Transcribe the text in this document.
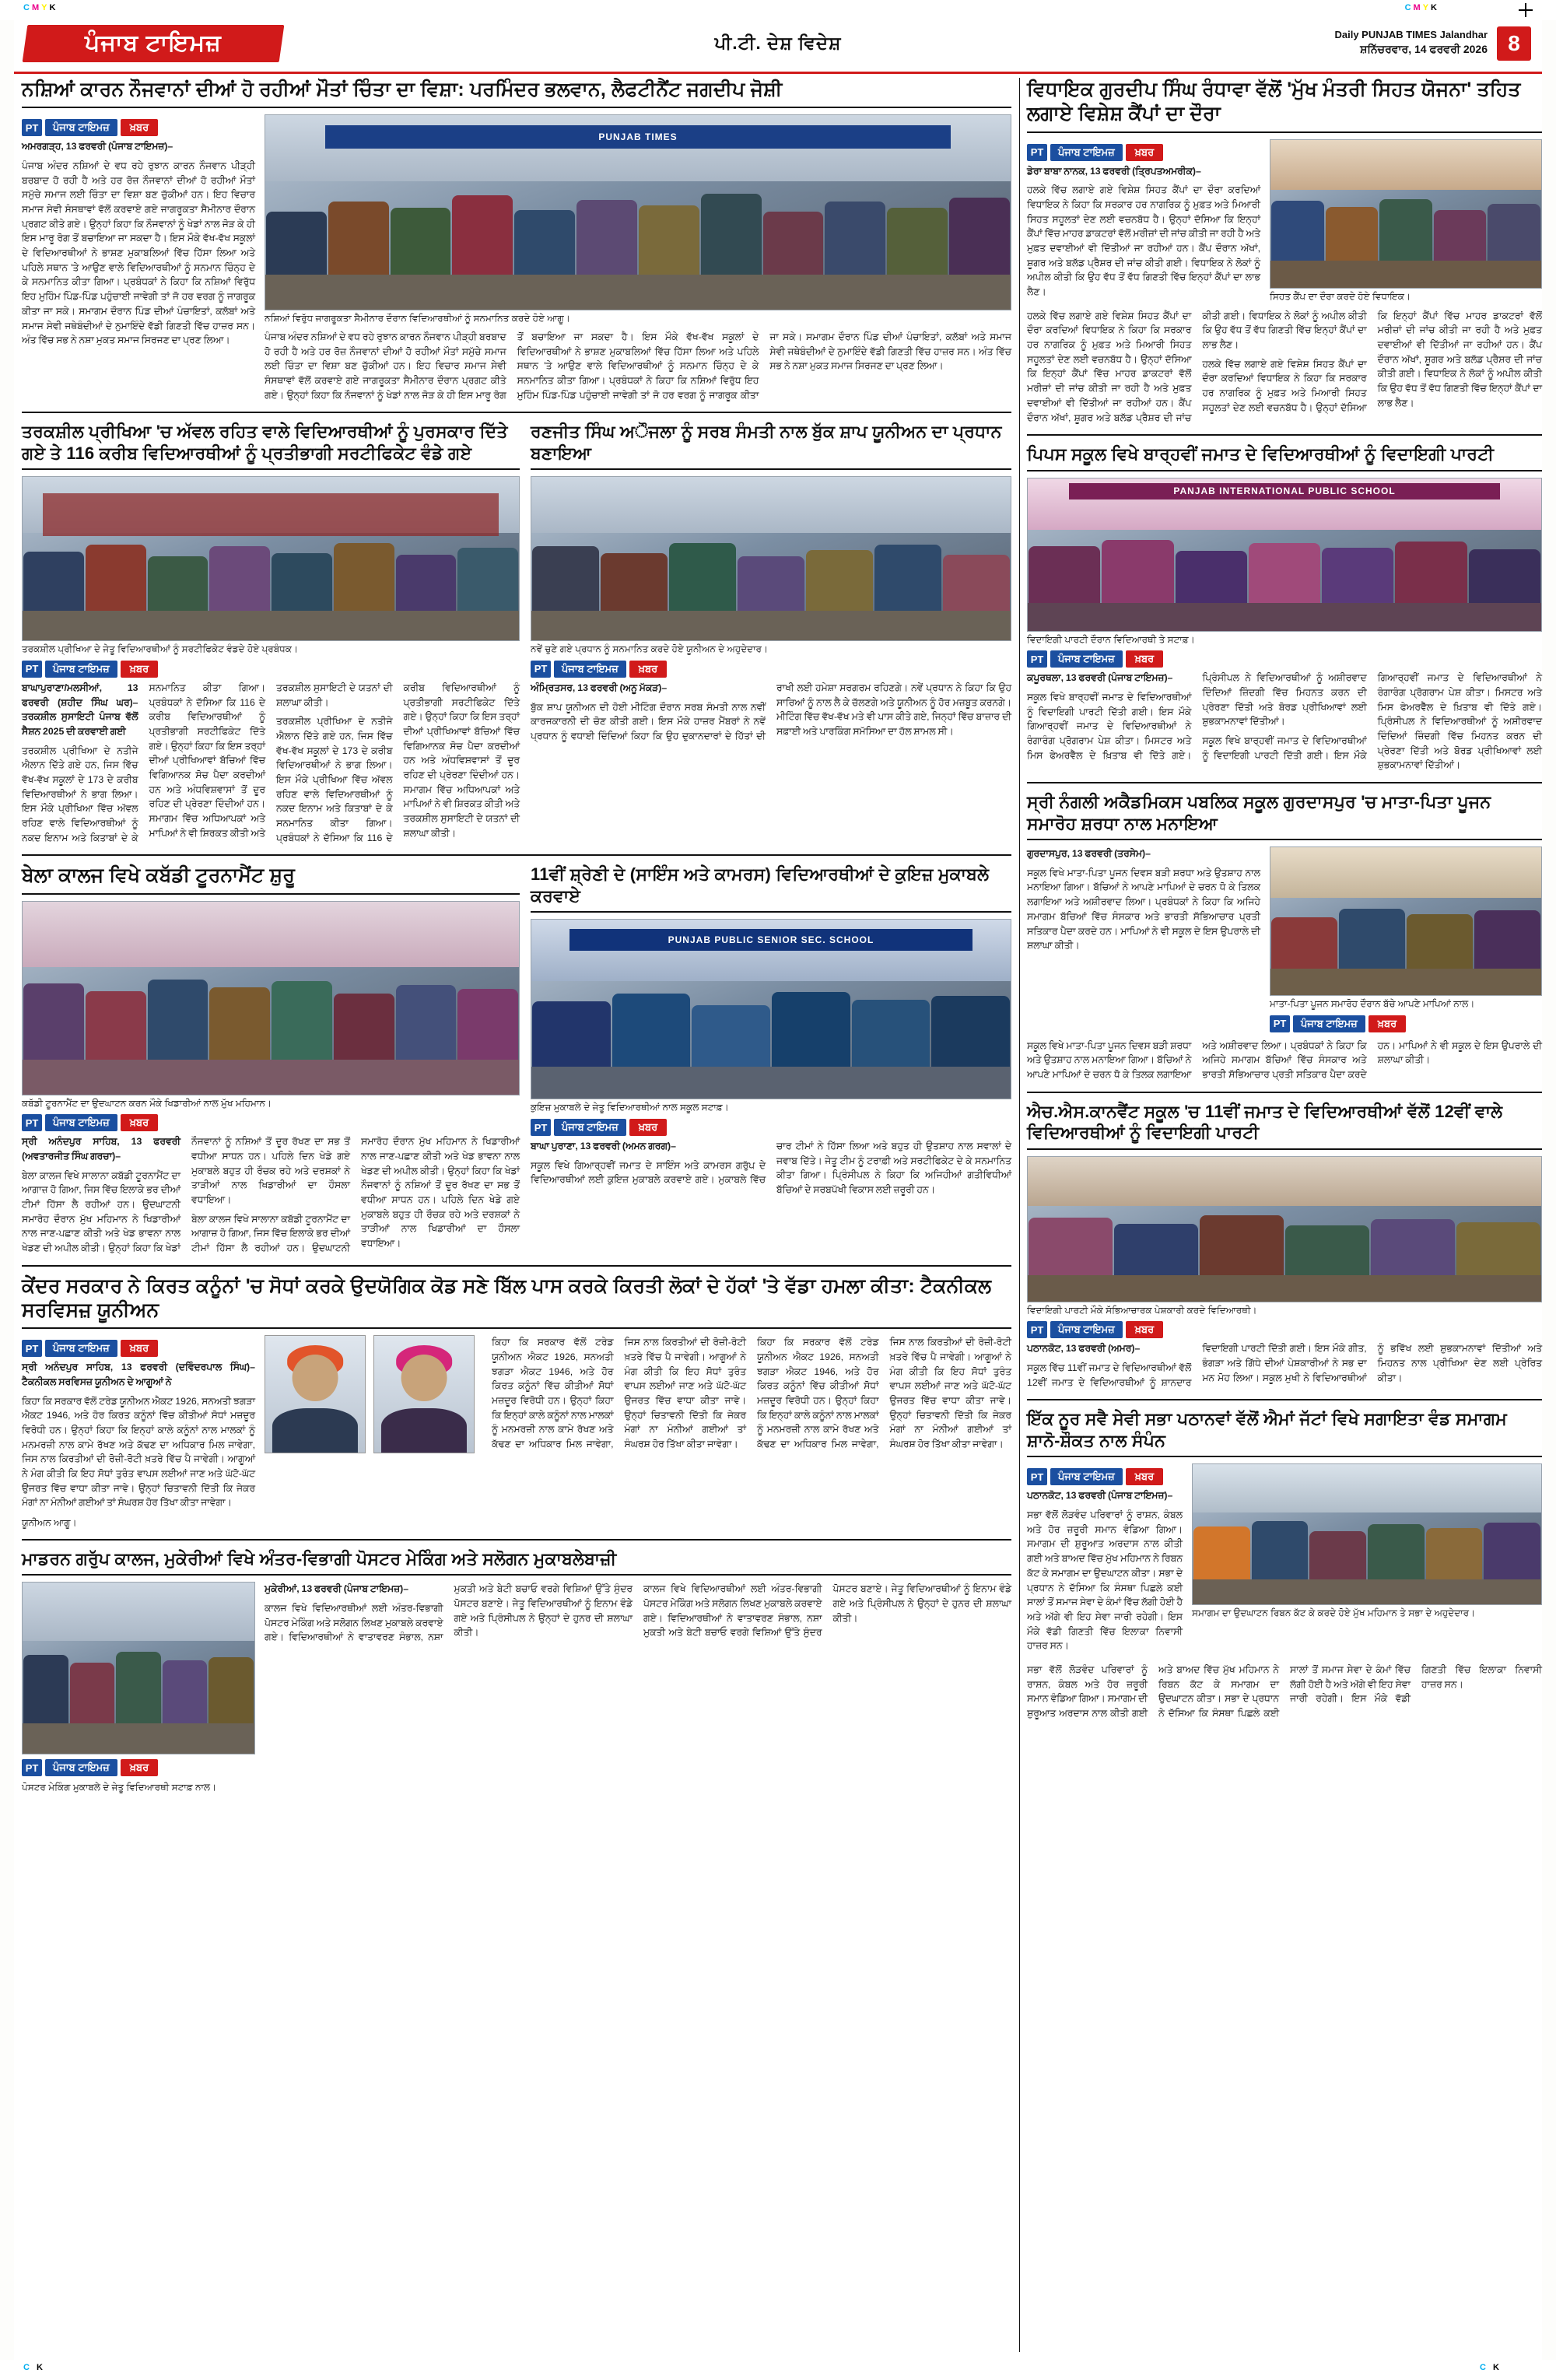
CMYK	CMYK
ਪੰਜਾਬ ਟਾਇਮਜ਼	ਪੀ.ਟੀ. ਦੇਸ਼ ਵਿਦੇਸ਼	Daily PUNJAB TIMES Jalandhar
ਸ਼ਨਿੱਚਰਵਾਰ, 14 ਫਰਵਰੀ 2026 8
ਨਸ਼ਿਆਂ ਕਾਰਨ ਨੌਜਵਾਨਾਂ ਦੀਆਂ ਹੋ ਰਹੀਆਂ ਮੌਤਾਂ ਚਿੰਤਾ ਦਾ ਵਿਸ਼ਾ: ਪਰਮਿੰਦਰ ਭਲਵਾਨ, ਲੈਫਟੀਨੈਂਟ ਜਗਦੀਪ ਜੋਸ਼ੀ
PT	ਪੰਜਾਬ ਟਾਇਮਜ਼	ਖ਼ਬਰ

ਅਮਰਗੜ੍ਹ, 13 ਫਰਵਰੀ (ਪੰਜਾਬ ਟਾਇਮਜ਼)–

ਪੰਜਾਬ ਅੰਦਰ ਨਸ਼ਿਆਂ ਦੇ ਵਧ ਰਹੇ ਰੁਝਾਨ ਕਾਰਨ ਨੌਜਵਾਨ ਪੀੜ੍ਹੀ ਬਰਬਾਦ ਹੋ ਰਹੀ ਹੈ ਅਤੇ ਹਰ ਰੋਜ਼ ਨੌਜਵਾਨਾਂ ਦੀਆਂ ਹੋ ਰਹੀਆਂ ਮੌਤਾਂ ਸਮੁੱਚੇ ਸਮਾਜ ਲਈ ਚਿੰਤਾ ਦਾ ਵਿਸ਼ਾ ਬਣ ਚੁੱਕੀਆਂ ਹਨ। ਇਹ ਵਿਚਾਰ ਸਮਾਜ ਸੇਵੀ ਸੰਸਥਾਵਾਂ ਵੱਲੋਂ ਕਰਵਾਏ ਗਏ ਜਾਗਰੂਕਤਾ ਸੈਮੀਨਾਰ ਦੌਰਾਨ ਪ੍ਰਗਟ ਕੀਤੇ ਗਏ। ਉਨ੍ਹਾਂ ਕਿਹਾ ਕਿ ਨੌਜਵਾਨਾਂ ਨੂੰ ਖੇਡਾਂ ਨਾਲ ਜੋੜ ਕੇ ਹੀ ਇਸ ਮਾਰੂ ਰੋਗ ਤੋਂ ਬਚਾਇਆ ਜਾ ਸਕਦਾ ਹੈ। ਇਸ ਮੌਕੇ ਵੱਖ-ਵੱਖ ਸਕੂਲਾਂ ਦੇ ਵਿਦਿਆਰਥੀਆਂ ਨੇ ਭਾਸ਼ਣ ਮੁਕਾਬਲਿਆਂ ਵਿੱਚ ਹਿੱਸਾ ਲਿਆ ਅਤੇ ਪਹਿਲੇ ਸਥਾਨ 'ਤੇ ਆਉਣ ਵਾਲੇ ਵਿਦਿਆਰਥੀਆਂ ਨੂੰ ਸਨਮਾਨ ਚਿੰਨ੍ਹ ਦੇ ਕੇ ਸਨਮਾਨਿਤ ਕੀਤਾ ਗਿਆ। ਪ੍ਰਬੰਧਕਾਂ ਨੇ ਕਿਹਾ ਕਿ ਨਸ਼ਿਆਂ ਵਿਰੁੱਧ ਇਹ ਮੁਹਿੰਮ ਪਿੰਡ-ਪਿੰਡ ਪਹੁੰਚਾਈ ਜਾਵੇਗੀ ਤਾਂ ਜੋ ਹਰ ਵਰਗ ਨੂੰ ਜਾਗਰੂਕ ਕੀਤਾ ਜਾ ਸਕੇ। ਸਮਾਗਮ ਦੌਰਾਨ ਪਿੰਡ ਦੀਆਂ ਪੰਚਾਇਤਾਂ, ਕਲੱਬਾਂ ਅਤੇ ਸਮਾਜ ਸੇਵੀ ਜਥੇਬੰਦੀਆਂ ਦੇ ਨੁਮਾਇੰਦੇ ਵੱਡੀ ਗਿਣਤੀ ਵਿੱਚ ਹਾਜ਼ਰ ਸਨ। ਅੰਤ ਵਿੱਚ ਸਭ ਨੇ ਨਸ਼ਾ ਮੁਕਤ ਸਮਾਜ ਸਿਰਜਣ ਦਾ ਪ੍ਰਣ ਲਿਆ।

PUNJAB TIMES
ਨਸ਼ਿਆਂ ਵਿਰੁੱਧ ਜਾਗਰੂਕਤਾ ਸੈਮੀਨਾਰ ਦੌਰਾਨ ਵਿਦਿਆਰਥੀਆਂ ਨੂੰ ਸਨਮਾਨਿਤ ਕਰਦੇ ਹੋਏ ਆਗੂ।

ਪੰਜਾਬ ਅੰਦਰ ਨਸ਼ਿਆਂ ਦੇ ਵਧ ਰਹੇ ਰੁਝਾਨ ਕਾਰਨ ਨੌਜਵਾਨ ਪੀੜ੍ਹੀ ਬਰਬਾਦ ਹੋ ਰਹੀ ਹੈ ਅਤੇ ਹਰ ਰੋਜ਼ ਨੌਜਵਾਨਾਂ ਦੀਆਂ ਹੋ ਰਹੀਆਂ ਮੌਤਾਂ ਸਮੁੱਚੇ ਸਮਾਜ ਲਈ ਚਿੰਤਾ ਦਾ ਵਿਸ਼ਾ ਬਣ ਚੁੱਕੀਆਂ ਹਨ। ਇਹ ਵਿਚਾਰ ਸਮਾਜ ਸੇਵੀ ਸੰਸਥਾਵਾਂ ਵੱਲੋਂ ਕਰਵਾਏ ਗਏ ਜਾਗਰੂਕਤਾ ਸੈਮੀਨਾਰ ਦੌਰਾਨ ਪ੍ਰਗਟ ਕੀਤੇ ਗਏ। ਉਨ੍ਹਾਂ ਕਿਹਾ ਕਿ ਨੌਜਵਾਨਾਂ ਨੂੰ ਖੇਡਾਂ ਨਾਲ ਜੋੜ ਕੇ ਹੀ ਇਸ ਮਾਰੂ ਰੋਗ ਤੋਂ ਬਚਾਇਆ ਜਾ ਸਕਦਾ ਹੈ। ਇਸ ਮੌਕੇ ਵੱਖ-ਵੱਖ ਸਕੂਲਾਂ ਦੇ ਵਿਦਿਆਰਥੀਆਂ ਨੇ ਭਾਸ਼ਣ ਮੁਕਾਬਲਿਆਂ ਵਿੱਚ ਹਿੱਸਾ ਲਿਆ ਅਤੇ ਪਹਿਲੇ ਸਥਾਨ 'ਤੇ ਆਉਣ ਵਾਲੇ ਵਿਦਿਆਰਥੀਆਂ ਨੂੰ ਸਨਮਾਨ ਚਿੰਨ੍ਹ ਦੇ ਕੇ ਸਨਮਾਨਿਤ ਕੀਤਾ ਗਿਆ। ਪ੍ਰਬੰਧਕਾਂ ਨੇ ਕਿਹਾ ਕਿ ਨਸ਼ਿਆਂ ਵਿਰੁੱਧ ਇਹ ਮੁਹਿੰਮ ਪਿੰਡ-ਪਿੰਡ ਪਹੁੰਚਾਈ ਜਾਵੇਗੀ ਤਾਂ ਜੋ ਹਰ ਵਰਗ ਨੂੰ ਜਾਗਰੂਕ ਕੀਤਾ ਜਾ ਸਕੇ। ਸਮਾਗਮ ਦੌਰਾਨ ਪਿੰਡ ਦੀਆਂ ਪੰਚਾਇਤਾਂ, ਕਲੱਬਾਂ ਅਤੇ ਸਮਾਜ ਸੇਵੀ ਜਥੇਬੰਦੀਆਂ ਦੇ ਨੁਮਾਇੰਦੇ ਵੱਡੀ ਗਿਣਤੀ ਵਿੱਚ ਹਾਜ਼ਰ ਸਨ। ਅੰਤ ਵਿੱਚ ਸਭ ਨੇ ਨਸ਼ਾ ਮੁਕਤ ਸਮਾਜ ਸਿਰਜਣ ਦਾ ਪ੍ਰਣ ਲਿਆ।

ਤਰਕਸ਼ੀਲ ਪ੍ਰੀਖਿਆ 'ਚ ਅੱਵਲ ਰਹਿਤ ਵਾਲੇ ਵਿਦਿਆਰਥੀਆਂ ਨੂੰ ਪੁਰਸਕਾਰ ਦਿੱਤੇ ਗਏ ਤੇ 116 ਕਰੀਬ ਵਿਦਿਆਰਥੀਆਂ ਨੂੰ ਪ੍ਰਤੀਭਾਗੀ ਸਰਟੀਫਿਕੇਟ ਵੰਡੇ ਗਏ
ਤਰਕਸ਼ੀਲ ਪ੍ਰੀਖਿਆ ਦੇ ਜੇਤੂ ਵਿਦਿਆਰਥੀਆਂ ਨੂੰ ਸਰਟੀਫਿਕੇਟ ਵੰਡਦੇ ਹੋਏ ਪ੍ਰਬੰਧਕ।
PT	ਪੰਜਾਬ ਟਾਇਮਜ਼	ਖ਼ਬਰ

ਬਾਘਾਪੁਰਾਣਾ/ਮਲਸੀਆਂ, 13 ਫਰਵਰੀ (ਸ਼ਹੀਦ ਸਿੰਘ ਘਰ)– ਤਰਕਸ਼ੀਲ ਸੁਸਾਇਟੀ ਪੰਜਾਬ ਵੱਲੋਂ ਸੈਸ਼ਨ 2025 ਦੀ ਕਰਵਾਈ ਗਈ

ਤਰਕਸ਼ੀਲ ਪ੍ਰੀਖਿਆ ਦੇ ਨਤੀਜੇ ਐਲਾਨ ਦਿੱਤੇ ਗਏ ਹਨ, ਜਿਸ ਵਿੱਚ ਵੱਖ-ਵੱਖ ਸਕੂਲਾਂ ਦੇ 173 ਦੇ ਕਰੀਬ ਵਿਦਿਆਰਥੀਆਂ ਨੇ ਭਾਗ ਲਿਆ। ਇਸ ਮੌਕੇ ਪ੍ਰੀਖਿਆ ਵਿੱਚ ਅੱਵਲ ਰਹਿਣ ਵਾਲੇ ਵਿਦਿਆਰਥੀਆਂ ਨੂੰ ਨਕਦ ਇਨਾਮ ਅਤੇ ਕਿਤਾਬਾਂ ਦੇ ਕੇ ਸਨਮਾਨਿਤ ਕੀਤਾ ਗਿਆ। ਪ੍ਰਬੰਧਕਾਂ ਨੇ ਦੱਸਿਆ ਕਿ 116 ਦੇ ਕਰੀਬ ਵਿਦਿਆਰਥੀਆਂ ਨੂੰ ਪ੍ਰਤੀਭਾਗੀ ਸਰਟੀਫਿਕੇਟ ਦਿੱਤੇ ਗਏ। ਉਨ੍ਹਾਂ ਕਿਹਾ ਕਿ ਇਸ ਤਰ੍ਹਾਂ ਦੀਆਂ ਪ੍ਰੀਖਿਆਵਾਂ ਬੱਚਿਆਂ ਵਿੱਚ ਵਿਗਿਆਨਕ ਸੋਚ ਪੈਦਾ ਕਰਦੀਆਂ ਹਨ ਅਤੇ ਅੰਧਵਿਸ਼ਵਾਸਾਂ ਤੋਂ ਦੂਰ ਰਹਿਣ ਦੀ ਪ੍ਰੇਰਣਾ ਦਿੰਦੀਆਂ ਹਨ। ਸਮਾਗਮ ਵਿੱਚ ਅਧਿਆਪਕਾਂ ਅਤੇ ਮਾਪਿਆਂ ਨੇ ਵੀ ਸ਼ਿਰਕਤ ਕੀਤੀ ਅਤੇ ਤਰਕਸ਼ੀਲ ਸੁਸਾਇਟੀ ਦੇ ਯਤਨਾਂ ਦੀ ਸ਼ਲਾਘਾ ਕੀਤੀ।

ਤਰਕਸ਼ੀਲ ਪ੍ਰੀਖਿਆ ਦੇ ਨਤੀਜੇ ਐਲਾਨ ਦਿੱਤੇ ਗਏ ਹਨ, ਜਿਸ ਵਿੱਚ ਵੱਖ-ਵੱਖ ਸਕੂਲਾਂ ਦੇ 173 ਦੇ ਕਰੀਬ ਵਿਦਿਆਰਥੀਆਂ ਨੇ ਭਾਗ ਲਿਆ। ਇਸ ਮੌਕੇ ਪ੍ਰੀਖਿਆ ਵਿੱਚ ਅੱਵਲ ਰਹਿਣ ਵਾਲੇ ਵਿਦਿਆਰਥੀਆਂ ਨੂੰ ਨਕਦ ਇਨਾਮ ਅਤੇ ਕਿਤਾਬਾਂ ਦੇ ਕੇ ਸਨਮਾਨਿਤ ਕੀਤਾ ਗਿਆ। ਪ੍ਰਬੰਧਕਾਂ ਨੇ ਦੱਸਿਆ ਕਿ 116 ਦੇ ਕਰੀਬ ਵਿਦਿਆਰਥੀਆਂ ਨੂੰ ਪ੍ਰਤੀਭਾਗੀ ਸਰਟੀਫਿਕੇਟ ਦਿੱਤੇ ਗਏ। ਉਨ੍ਹਾਂ ਕਿਹਾ ਕਿ ਇਸ ਤਰ੍ਹਾਂ ਦੀਆਂ ਪ੍ਰੀਖਿਆਵਾਂ ਬੱਚਿਆਂ ਵਿੱਚ ਵਿਗਿਆਨਕ ਸੋਚ ਪੈਦਾ ਕਰਦੀਆਂ ਹਨ ਅਤੇ ਅੰਧਵਿਸ਼ਵਾਸਾਂ ਤੋਂ ਦੂਰ ਰਹਿਣ ਦੀ ਪ੍ਰੇਰਣਾ ਦਿੰਦੀਆਂ ਹਨ। ਸਮਾਗਮ ਵਿੱਚ ਅਧਿਆਪਕਾਂ ਅਤੇ ਮਾਪਿਆਂ ਨੇ ਵੀ ਸ਼ਿਰਕਤ ਕੀਤੀ ਅਤੇ ਤਰਕਸ਼ੀਲ ਸੁਸਾਇਟੀ ਦੇ ਯਤਨਾਂ ਦੀ ਸ਼ਲਾਘਾ ਕੀਤੀ।

ਰਣਜੀਤ ਸਿੰਘ ਅੌਜਲਾ ਨੂੰ ਸਰਬ ਸੰਮਤੀ ਨਾਲ ਬੁੱਕ ਸ਼ਾਪ ਯੂਨੀਅਨ ਦਾ ਪ੍ਰਧਾਨ ਬਣਾਇਆ
ਨਵੇਂ ਚੁਣੇ ਗਏ ਪ੍ਰਧਾਨ ਨੂੰ ਸਨਮਾਨਿਤ ਕਰਦੇ ਹੋਏ ਯੂਨੀਅਨ ਦੇ ਅਹੁਦੇਦਾਰ।
PT	ਪੰਜਾਬ ਟਾਇਮਜ਼	ਖ਼ਬਰ

ਅੰਮ੍ਰਿਤਸਰ, 13 ਫਰਵਰੀ (ਅਨੂ ਮੱਕੜ)–

ਬੁੱਕ ਸ਼ਾਪ ਯੂਨੀਅਨ ਦੀ ਹੋਈ ਮੀਟਿੰਗ ਦੌਰਾਨ ਸਰਬ ਸੰਮਤੀ ਨਾਲ ਨਵੀਂ ਕਾਰਜਕਾਰਨੀ ਦੀ ਚੋਣ ਕੀਤੀ ਗਈ। ਇਸ ਮੌਕੇ ਹਾਜ਼ਰ ਮੈਂਬਰਾਂ ਨੇ ਨਵੇਂ ਪ੍ਰਧਾਨ ਨੂੰ ਵਧਾਈ ਦਿੰਦਿਆਂ ਕਿਹਾ ਕਿ ਉਹ ਦੁਕਾਨਦਾਰਾਂ ਦੇ ਹਿੱਤਾਂ ਦੀ ਰਾਖੀ ਲਈ ਹਮੇਸ਼ਾ ਸਰਗਰਮ ਰਹਿਣਗੇ। ਨਵੇਂ ਪ੍ਰਧਾਨ ਨੇ ਕਿਹਾ ਕਿ ਉਹ ਸਾਰਿਆਂ ਨੂੰ ਨਾਲ ਲੈ ਕੇ ਚੱਲਣਗੇ ਅਤੇ ਯੂਨੀਅਨ ਨੂੰ ਹੋਰ ਮਜ਼ਬੂਤ ਕਰਨਗੇ। ਮੀਟਿੰਗ ਵਿੱਚ ਵੱਖ-ਵੱਖ ਮਤੇ ਵੀ ਪਾਸ ਕੀਤੇ ਗਏ, ਜਿਨ੍ਹਾਂ ਵਿੱਚ ਬਾਜ਼ਾਰ ਦੀ ਸਫ਼ਾਈ ਅਤੇ ਪਾਰਕਿੰਗ ਸਮੱਸਿਆ ਦਾ ਹੱਲ ਸ਼ਾਮਲ ਸੀ।

ਬੇਲਾ ਕਾਲਜ ਵਿਖੇ ਕਬੱਡੀ ਟੂਰਨਾਮੈਂਟ ਸ਼ੁਰੂ
ਕਬੱਡੀ ਟੂਰਨਾਮੈਂਟ ਦਾ ਉਦਘਾਟਨ ਕਰਨ ਮੌਕੇ ਖਿਡਾਰੀਆਂ ਨਾਲ ਮੁੱਖ ਮਹਿਮਾਨ।
PT	ਪੰਜਾਬ ਟਾਇਮਜ਼	ਖ਼ਬਰ

ਸ੍ਰੀ ਅਨੰਦਪੁਰ ਸਾਹਿਬ, 13 ਫਰਵਰੀ (ਅਵਤਾਰਜੀਤ ਸਿੰਘ ਗਰਚਾ)–

ਬੇਲਾ ਕਾਲਜ ਵਿਖੇ ਸਾਲਾਨਾ ਕਬੱਡੀ ਟੂਰਨਾਮੈਂਟ ਦਾ ਆਗਾਜ਼ ਹੋ ਗਿਆ, ਜਿਸ ਵਿੱਚ ਇਲਾਕੇ ਭਰ ਦੀਆਂ ਟੀਮਾਂ ਹਿੱਸਾ ਲੈ ਰਹੀਆਂ ਹਨ। ਉਦਘਾਟਨੀ ਸਮਾਰੋਹ ਦੌਰਾਨ ਮੁੱਖ ਮਹਿਮਾਨ ਨੇ ਖਿਡਾਰੀਆਂ ਨਾਲ ਜਾਣ-ਪਛਾਣ ਕੀਤੀ ਅਤੇ ਖੇਡ ਭਾਵਨਾ ਨਾਲ ਖੇਡਣ ਦੀ ਅਪੀਲ ਕੀਤੀ। ਉਨ੍ਹਾਂ ਕਿਹਾ ਕਿ ਖੇਡਾਂ ਨੌਜਵਾਨਾਂ ਨੂੰ ਨਸ਼ਿਆਂ ਤੋਂ ਦੂਰ ਰੱਖਣ ਦਾ ਸਭ ਤੋਂ ਵਧੀਆ ਸਾਧਨ ਹਨ। ਪਹਿਲੇ ਦਿਨ ਖੇਡੇ ਗਏ ਮੁਕਾਬਲੇ ਬਹੁਤ ਹੀ ਰੌਚਕ ਰਹੇ ਅਤੇ ਦਰਸ਼ਕਾਂ ਨੇ ਤਾੜੀਆਂ ਨਾਲ ਖਿਡਾਰੀਆਂ ਦਾ ਹੌਸਲਾ ਵਧਾਇਆ।

ਬੇਲਾ ਕਾਲਜ ਵਿਖੇ ਸਾਲਾਨਾ ਕਬੱਡੀ ਟੂਰਨਾਮੈਂਟ ਦਾ ਆਗਾਜ਼ ਹੋ ਗਿਆ, ਜਿਸ ਵਿੱਚ ਇਲਾਕੇ ਭਰ ਦੀਆਂ ਟੀਮਾਂ ਹਿੱਸਾ ਲੈ ਰਹੀਆਂ ਹਨ। ਉਦਘਾਟਨੀ ਸਮਾਰੋਹ ਦੌਰਾਨ ਮੁੱਖ ਮਹਿਮਾਨ ਨੇ ਖਿਡਾਰੀਆਂ ਨਾਲ ਜਾਣ-ਪਛਾਣ ਕੀਤੀ ਅਤੇ ਖੇਡ ਭਾਵਨਾ ਨਾਲ ਖੇਡਣ ਦੀ ਅਪੀਲ ਕੀਤੀ। ਉਨ੍ਹਾਂ ਕਿਹਾ ਕਿ ਖੇਡਾਂ ਨੌਜਵਾਨਾਂ ਨੂੰ ਨਸ਼ਿਆਂ ਤੋਂ ਦੂਰ ਰੱਖਣ ਦਾ ਸਭ ਤੋਂ ਵਧੀਆ ਸਾਧਨ ਹਨ। ਪਹਿਲੇ ਦਿਨ ਖੇਡੇ ਗਏ ਮੁਕਾਬਲੇ ਬਹੁਤ ਹੀ ਰੌਚਕ ਰਹੇ ਅਤੇ ਦਰਸ਼ਕਾਂ ਨੇ ਤਾੜੀਆਂ ਨਾਲ ਖਿਡਾਰੀਆਂ ਦਾ ਹੌਸਲਾ ਵਧਾਇਆ।

11ਵੀਂ ਸ਼੍ਰੇਣੀ ਦੇ (ਸਾਇੰਸ ਅਤੇ ਕਾਮਰਸ) ਵਿਦਿਆਰਥੀਆਂ ਦੇ ਕੁਇਜ਼ ਮੁਕਾਬਲੇ ਕਰਵਾਏ
PUNJAB PUBLIC SENIOR SEC. SCHOOL
ਕੁਇਜ਼ ਮੁਕਾਬਲੇ ਦੇ ਜੇਤੂ ਵਿਦਿਆਰਥੀਆਂ ਨਾਲ ਸਕੂਲ ਸਟਾਫ਼।
PT	ਪੰਜਾਬ ਟਾਇਮਜ਼	ਖ਼ਬਰ

ਬਾਘਾ ਪੁਰਾਣਾ, 13 ਫਰਵਰੀ (ਅਮਨ ਗਰਗ)–

ਸਕੂਲ ਵਿਖੇ ਗਿਆਰ੍ਹਵੀਂ ਜਮਾਤ ਦੇ ਸਾਇੰਸ ਅਤੇ ਕਾਮਰਸ ਗਰੁੱਪ ਦੇ ਵਿਦਿਆਰਥੀਆਂ ਲਈ ਕੁਇਜ਼ ਮੁਕਾਬਲੇ ਕਰਵਾਏ ਗਏ। ਮੁਕਾਬਲੇ ਵਿੱਚ ਚਾਰ ਟੀਮਾਂ ਨੇ ਹਿੱਸਾ ਲਿਆ ਅਤੇ ਬਹੁਤ ਹੀ ਉਤਸ਼ਾਹ ਨਾਲ ਸਵਾਲਾਂ ਦੇ ਜਵਾਬ ਦਿੱਤੇ। ਜੇਤੂ ਟੀਮ ਨੂੰ ਟਰਾਫ਼ੀ ਅਤੇ ਸਰਟੀਫਿਕੇਟ ਦੇ ਕੇ ਸਨਮਾਨਿਤ ਕੀਤਾ ਗਿਆ। ਪ੍ਰਿੰਸੀਪਲ ਨੇ ਕਿਹਾ ਕਿ ਅਜਿਹੀਆਂ ਗਤੀਵਿਧੀਆਂ ਬੱਚਿਆਂ ਦੇ ਸਰਬਪੱਖੀ ਵਿਕਾਸ ਲਈ ਜ਼ਰੂਰੀ ਹਨ।

ਕੇਂਦਰ ਸਰਕਾਰ ਨੇ ਕਿਰਤ ਕਨੂੰਨਾਂ 'ਚ ਸੋਧਾਂ ਕਰਕੇ ਉਦਯੋਗਿਕ ਕੋਡ ਸਣੇ ਬਿੱਲ ਪਾਸ ਕਰਕੇ ਕਿਰਤੀ ਲੋਕਾਂ ਦੇ ਹੱਕਾਂ 'ਤੇ ਵੱਡਾ ਹਮਲਾ ਕੀਤਾ: ਟੈਕਨੀਕਲ ਸਰਵਿਸਜ਼ ਯੂਨੀਅਨ
PT	ਪੰਜਾਬ ਟਾਇਮਜ਼	ਖ਼ਬਰ

ਸ੍ਰੀ ਅਨੰਦਪੁਰ ਸਾਹਿਬ, 13 ਫਰਵਰੀ (ਦਵਿੰਦਰਪਾਲ ਸਿੰਘ)– ਟੈਕਨੀਕਲ ਸਰਵਿਸਜ਼ ਯੂਨੀਅਨ ਦੇ ਆਗੂਆਂ ਨੇ

ਕਿਹਾ ਕਿ ਸਰਕਾਰ ਵੱਲੋਂ ਟਰੇਡ ਯੂਨੀਅਨ ਐਕਟ 1926, ਸਨਅਤੀ ਝਗੜਾ ਐਕਟ 1946, ਅਤੇ ਹੋਰ ਕਿਰਤ ਕਨੂੰਨਾਂ ਵਿੱਚ ਕੀਤੀਆਂ ਸੋਧਾਂ ਮਜ਼ਦੂਰ ਵਿਰੋਧੀ ਹਨ। ਉਨ੍ਹਾਂ ਕਿਹਾ ਕਿ ਇਨ੍ਹਾਂ ਕਾਲੇ ਕਨੂੰਨਾਂ ਨਾਲ ਮਾਲਕਾਂ ਨੂੰ ਮਨਮਰਜ਼ੀ ਨਾਲ ਕਾਮੇ ਰੱਖਣ ਅਤੇ ਕੱਢਣ ਦਾ ਅਧਿਕਾਰ ਮਿਲ ਜਾਵੇਗਾ, ਜਿਸ ਨਾਲ ਕਿਰਤੀਆਂ ਦੀ ਰੋਜ਼ੀ-ਰੋਟੀ ਖ਼ਤਰੇ ਵਿੱਚ ਪੈ ਜਾਵੇਗੀ। ਆਗੂਆਂ ਨੇ ਮੰਗ ਕੀਤੀ ਕਿ ਇਹ ਸੋਧਾਂ ਤੁਰੰਤ ਵਾਪਸ ਲਈਆਂ ਜਾਣ ਅਤੇ ਘੱਟੋ-ਘੱਟ ਉਜਰਤ ਵਿੱਚ ਵਾਧਾ ਕੀਤਾ ਜਾਵੇ। ਉਨ੍ਹਾਂ ਚਿਤਾਵਨੀ ਦਿੱਤੀ ਕਿ ਜੇਕਰ ਮੰਗਾਂ ਨਾ ਮੰਨੀਆਂ ਗਈਆਂ ਤਾਂ ਸੰਘਰਸ਼ ਹੋਰ ਤਿੱਖਾ ਕੀਤਾ ਜਾਵੇਗਾ।

ਕਿਹਾ ਕਿ ਸਰਕਾਰ ਵੱਲੋਂ ਟਰੇਡ ਯੂਨੀਅਨ ਐਕਟ 1926, ਸਨਅਤੀ ਝਗੜਾ ਐਕਟ 1946, ਅਤੇ ਹੋਰ ਕਿਰਤ ਕਨੂੰਨਾਂ ਵਿੱਚ ਕੀਤੀਆਂ ਸੋਧਾਂ ਮਜ਼ਦੂਰ ਵਿਰੋਧੀ ਹਨ। ਉਨ੍ਹਾਂ ਕਿਹਾ ਕਿ ਇਨ੍ਹਾਂ ਕਾਲੇ ਕਨੂੰਨਾਂ ਨਾਲ ਮਾਲਕਾਂ ਨੂੰ ਮਨਮਰਜ਼ੀ ਨਾਲ ਕਾਮੇ ਰੱਖਣ ਅਤੇ ਕੱਢਣ ਦਾ ਅਧਿਕਾਰ ਮਿਲ ਜਾਵੇਗਾ, ਜਿਸ ਨਾਲ ਕਿਰਤੀਆਂ ਦੀ ਰੋਜ਼ੀ-ਰੋਟੀ ਖ਼ਤਰੇ ਵਿੱਚ ਪੈ ਜਾਵੇਗੀ। ਆਗੂਆਂ ਨੇ ਮੰਗ ਕੀਤੀ ਕਿ ਇਹ ਸੋਧਾਂ ਤੁਰੰਤ ਵਾਪਸ ਲਈਆਂ ਜਾਣ ਅਤੇ ਘੱਟੋ-ਘੱਟ ਉਜਰਤ ਵਿੱਚ ਵਾਧਾ ਕੀਤਾ ਜਾਵੇ। ਉਨ੍ਹਾਂ ਚਿਤਾਵਨੀ ਦਿੱਤੀ ਕਿ ਜੇਕਰ ਮੰਗਾਂ ਨਾ ਮੰਨੀਆਂ ਗਈਆਂ ਤਾਂ ਸੰਘਰਸ਼ ਹੋਰ ਤਿੱਖਾ ਕੀਤਾ ਜਾਵੇਗਾ।

ਕਿਹਾ ਕਿ ਸਰਕਾਰ ਵੱਲੋਂ ਟਰੇਡ ਯੂਨੀਅਨ ਐਕਟ 1926, ਸਨਅਤੀ ਝਗੜਾ ਐਕਟ 1946, ਅਤੇ ਹੋਰ ਕਿਰਤ ਕਨੂੰਨਾਂ ਵਿੱਚ ਕੀਤੀਆਂ ਸੋਧਾਂ ਮਜ਼ਦੂਰ ਵਿਰੋਧੀ ਹਨ। ਉਨ੍ਹਾਂ ਕਿਹਾ ਕਿ ਇਨ੍ਹਾਂ ਕਾਲੇ ਕਨੂੰਨਾਂ ਨਾਲ ਮਾਲਕਾਂ ਨੂੰ ਮਨਮਰਜ਼ੀ ਨਾਲ ਕਾਮੇ ਰੱਖਣ ਅਤੇ ਕੱਢਣ ਦਾ ਅਧਿਕਾਰ ਮਿਲ ਜਾਵੇਗਾ, ਜਿਸ ਨਾਲ ਕਿਰਤੀਆਂ ਦੀ ਰੋਜ਼ੀ-ਰੋਟੀ ਖ਼ਤਰੇ ਵਿੱਚ ਪੈ ਜਾਵੇਗੀ। ਆਗੂਆਂ ਨੇ ਮੰਗ ਕੀਤੀ ਕਿ ਇਹ ਸੋਧਾਂ ਤੁਰੰਤ ਵਾਪਸ ਲਈਆਂ ਜਾਣ ਅਤੇ ਘੱਟੋ-ਘੱਟ ਉਜਰਤ ਵਿੱਚ ਵਾਧਾ ਕੀਤਾ ਜਾਵੇ। ਉਨ੍ਹਾਂ ਚਿਤਾਵਨੀ ਦਿੱਤੀ ਕਿ ਜੇਕਰ ਮੰਗਾਂ ਨਾ ਮੰਨੀਆਂ ਗਈਆਂ ਤਾਂ ਸੰਘਰਸ਼ ਹੋਰ ਤਿੱਖਾ ਕੀਤਾ ਜਾਵੇਗਾ।

ਯੂਨੀਅਨ ਆਗੂ।
ਮਾਡਰਨ ਗਰੁੱਪ ਕਾਲਜ, ਮੁਕੇਰੀਆਂ ਵਿਖੇ ਅੰਤਰ-ਵਿਭਾਗੀ ਪੋਸਟਰ ਮੇਕਿੰਗ ਅਤੇ ਸਲੋਗਨ ਮੁਕਾਬਲੇਬਾਜ਼ੀ
PT	ਪੰਜਾਬ ਟਾਇਮਜ਼	ਖ਼ਬਰ
ਪੋਸਟਰ ਮੇਕਿੰਗ ਮੁਕਾਬਲੇ ਦੇ ਜੇਤੂ ਵਿਦਿਆਰਥੀ ਸਟਾਫ਼ ਨਾਲ।

ਮੁਕੇਰੀਆਂ, 13 ਫਰਵਰੀ (ਪੰਜਾਬ ਟਾਇਮਜ਼)–

ਕਾਲਜ ਵਿਖੇ ਵਿਦਿਆਰਥੀਆਂ ਲਈ ਅੰਤਰ-ਵਿਭਾਗੀ ਪੋਸਟਰ ਮੇਕਿੰਗ ਅਤੇ ਸਲੋਗਨ ਲਿਖਣ ਮੁਕਾਬਲੇ ਕਰਵਾਏ ਗਏ। ਵਿਦਿਆਰਥੀਆਂ ਨੇ ਵਾਤਾਵਰਣ ਸੰਭਾਲ, ਨਸ਼ਾ ਮੁਕਤੀ ਅਤੇ ਬੇਟੀ ਬਚਾਓ ਵਰਗੇ ਵਿਸ਼ਿਆਂ ਉੱਤੇ ਸੁੰਦਰ ਪੋਸਟਰ ਬਣਾਏ। ਜੇਤੂ ਵਿਦਿਆਰਥੀਆਂ ਨੂੰ ਇਨਾਮ ਵੰਡੇ ਗਏ ਅਤੇ ਪ੍ਰਿੰਸੀਪਲ ਨੇ ਉਨ੍ਹਾਂ ਦੇ ਹੁਨਰ ਦੀ ਸ਼ਲਾਘਾ ਕੀਤੀ।

ਕਾਲਜ ਵਿਖੇ ਵਿਦਿਆਰਥੀਆਂ ਲਈ ਅੰਤਰ-ਵਿਭਾਗੀ ਪੋਸਟਰ ਮੇਕਿੰਗ ਅਤੇ ਸਲੋਗਨ ਲਿਖਣ ਮੁਕਾਬਲੇ ਕਰਵਾਏ ਗਏ। ਵਿਦਿਆਰਥੀਆਂ ਨੇ ਵਾਤਾਵਰਣ ਸੰਭਾਲ, ਨਸ਼ਾ ਮੁਕਤੀ ਅਤੇ ਬੇਟੀ ਬਚਾਓ ਵਰਗੇ ਵਿਸ਼ਿਆਂ ਉੱਤੇ ਸੁੰਦਰ ਪੋਸਟਰ ਬਣਾਏ। ਜੇਤੂ ਵਿਦਿਆਰਥੀਆਂ ਨੂੰ ਇਨਾਮ ਵੰਡੇ ਗਏ ਅਤੇ ਪ੍ਰਿੰਸੀਪਲ ਨੇ ਉਨ੍ਹਾਂ ਦੇ ਹੁਨਰ ਦੀ ਸ਼ਲਾਘਾ ਕੀਤੀ।

ਵਿਧਾਇਕ ਗੁਰਦੀਪ ਸਿੰਘ ਰੰਧਾਵਾ ਵੱਲੋਂ 'ਮੁੱਖ ਮੰਤਰੀ ਸਿਹਤ ਯੋਜਨਾ' ਤਹਿਤ ਲਗਾਏ ਵਿਸ਼ੇਸ਼ ਕੈਂਪਾਂ ਦਾ ਦੌਰਾ
PT	ਪੰਜਾਬ ਟਾਇਮਜ਼	ਖ਼ਬਰ

ਡੇਰਾ ਬਾਬਾ ਨਾਨਕ, 13 ਫਰਵਰੀ (ਤ੍ਰਿਪਤਅਮਰੀਕ)–

ਹਲਕੇ ਵਿੱਚ ਲਗਾਏ ਗਏ ਵਿਸ਼ੇਸ਼ ਸਿਹਤ ਕੈਂਪਾਂ ਦਾ ਦੌਰਾ ਕਰਦਿਆਂ ਵਿਧਾਇਕ ਨੇ ਕਿਹਾ ਕਿ ਸਰਕਾਰ ਹਰ ਨਾਗਰਿਕ ਨੂੰ ਮੁਫ਼ਤ ਅਤੇ ਮਿਆਰੀ ਸਿਹਤ ਸਹੂਲਤਾਂ ਦੇਣ ਲਈ ਵਚਨਬੱਧ ਹੈ। ਉਨ੍ਹਾਂ ਦੱਸਿਆ ਕਿ ਇਨ੍ਹਾਂ ਕੈਂਪਾਂ ਵਿੱਚ ਮਾਹਰ ਡਾਕਟਰਾਂ ਵੱਲੋਂ ਮਰੀਜ਼ਾਂ ਦੀ ਜਾਂਚ ਕੀਤੀ ਜਾ ਰਹੀ ਹੈ ਅਤੇ ਮੁਫ਼ਤ ਦਵਾਈਆਂ ਵੀ ਦਿੱਤੀਆਂ ਜਾ ਰਹੀਆਂ ਹਨ। ਕੈਂਪ ਦੌਰਾਨ ਅੱਖਾਂ, ਸ਼ੂਗਰ ਅਤੇ ਬਲੱਡ ਪ੍ਰੈਸ਼ਰ ਦੀ ਜਾਂਚ ਕੀਤੀ ਗਈ। ਵਿਧਾਇਕ ਨੇ ਲੋਕਾਂ ਨੂੰ ਅਪੀਲ ਕੀਤੀ ਕਿ ਉਹ ਵੱਧ ਤੋਂ ਵੱਧ ਗਿਣਤੀ ਵਿੱਚ ਇਨ੍ਹਾਂ ਕੈਂਪਾਂ ਦਾ ਲਾਭ ਲੈਣ।	ਸਿਹਤ ਕੈਂਪ ਦਾ ਦੌਰਾ ਕਰਦੇ ਹੋਏ ਵਿਧਾਇਕ।

ਹਲਕੇ ਵਿੱਚ ਲਗਾਏ ਗਏ ਵਿਸ਼ੇਸ਼ ਸਿਹਤ ਕੈਂਪਾਂ ਦਾ ਦੌਰਾ ਕਰਦਿਆਂ ਵਿਧਾਇਕ ਨੇ ਕਿਹਾ ਕਿ ਸਰਕਾਰ ਹਰ ਨਾਗਰਿਕ ਨੂੰ ਮੁਫ਼ਤ ਅਤੇ ਮਿਆਰੀ ਸਿਹਤ ਸਹੂਲਤਾਂ ਦੇਣ ਲਈ ਵਚਨਬੱਧ ਹੈ। ਉਨ੍ਹਾਂ ਦੱਸਿਆ ਕਿ ਇਨ੍ਹਾਂ ਕੈਂਪਾਂ ਵਿੱਚ ਮਾਹਰ ਡਾਕਟਰਾਂ ਵੱਲੋਂ ਮਰੀਜ਼ਾਂ ਦੀ ਜਾਂਚ ਕੀਤੀ ਜਾ ਰਹੀ ਹੈ ਅਤੇ ਮੁਫ਼ਤ ਦਵਾਈਆਂ ਵੀ ਦਿੱਤੀਆਂ ਜਾ ਰਹੀਆਂ ਹਨ। ਕੈਂਪ ਦੌਰਾਨ ਅੱਖਾਂ, ਸ਼ੂਗਰ ਅਤੇ ਬਲੱਡ ਪ੍ਰੈਸ਼ਰ ਦੀ ਜਾਂਚ ਕੀਤੀ ਗਈ। ਵਿਧਾਇਕ ਨੇ ਲੋਕਾਂ ਨੂੰ ਅਪੀਲ ਕੀਤੀ ਕਿ ਉਹ ਵੱਧ ਤੋਂ ਵੱਧ ਗਿਣਤੀ ਵਿੱਚ ਇਨ੍ਹਾਂ ਕੈਂਪਾਂ ਦਾ ਲਾਭ ਲੈਣ।

ਹਲਕੇ ਵਿੱਚ ਲਗਾਏ ਗਏ ਵਿਸ਼ੇਸ਼ ਸਿਹਤ ਕੈਂਪਾਂ ਦਾ ਦੌਰਾ ਕਰਦਿਆਂ ਵਿਧਾਇਕ ਨੇ ਕਿਹਾ ਕਿ ਸਰਕਾਰ ਹਰ ਨਾਗਰਿਕ ਨੂੰ ਮੁਫ਼ਤ ਅਤੇ ਮਿਆਰੀ ਸਿਹਤ ਸਹੂਲਤਾਂ ਦੇਣ ਲਈ ਵਚਨਬੱਧ ਹੈ। ਉਨ੍ਹਾਂ ਦੱਸਿਆ ਕਿ ਇਨ੍ਹਾਂ ਕੈਂਪਾਂ ਵਿੱਚ ਮਾਹਰ ਡਾਕਟਰਾਂ ਵੱਲੋਂ ਮਰੀਜ਼ਾਂ ਦੀ ਜਾਂਚ ਕੀਤੀ ਜਾ ਰਹੀ ਹੈ ਅਤੇ ਮੁਫ਼ਤ ਦਵਾਈਆਂ ਵੀ ਦਿੱਤੀਆਂ ਜਾ ਰਹੀਆਂ ਹਨ। ਕੈਂਪ ਦੌਰਾਨ ਅੱਖਾਂ, ਸ਼ੂਗਰ ਅਤੇ ਬਲੱਡ ਪ੍ਰੈਸ਼ਰ ਦੀ ਜਾਂਚ ਕੀਤੀ ਗਈ। ਵਿਧਾਇਕ ਨੇ ਲੋਕਾਂ ਨੂੰ ਅਪੀਲ ਕੀਤੀ ਕਿ ਉਹ ਵੱਧ ਤੋਂ ਵੱਧ ਗਿਣਤੀ ਵਿੱਚ ਇਨ੍ਹਾਂ ਕੈਂਪਾਂ ਦਾ ਲਾਭ ਲੈਣ।

ਪਿਪਸ ਸਕੂਲ ਵਿਖੇ ਬਾਰ੍ਹਵੀਂ ਜਮਾਤ ਦੇ ਵਿਦਿਆਰਥੀਆਂ ਨੂੰ ਵਿਦਾਇਗੀ ਪਾਰਟੀ
PANJAB INTERNATIONAL PUBLIC SCHOOL
ਵਿਦਾਇਗੀ ਪਾਰਟੀ ਦੌਰਾਨ ਵਿਦਿਆਰਥੀ ਤੇ ਸਟਾਫ਼।
PT	ਪੰਜਾਬ ਟਾਇਮਜ਼	ਖ਼ਬਰ

ਕਪੂਰਥਲਾ, 13 ਫਰਵਰੀ (ਪੰਜਾਬ ਟਾਇਮਜ਼)–

ਸਕੂਲ ਵਿਖੇ ਬਾਰ੍ਹਵੀਂ ਜਮਾਤ ਦੇ ਵਿਦਿਆਰਥੀਆਂ ਨੂੰ ਵਿਦਾਇਗੀ ਪਾਰਟੀ ਦਿੱਤੀ ਗਈ। ਇਸ ਮੌਕੇ ਗਿਆਰ੍ਹਵੀਂ ਜਮਾਤ ਦੇ ਵਿਦਿਆਰਥੀਆਂ ਨੇ ਰੰਗਾਰੰਗ ਪ੍ਰੋਗਰਾਮ ਪੇਸ਼ ਕੀਤਾ। ਮਿਸਟਰ ਅਤੇ ਮਿਸ ਫੇਅਰਵੈੱਲ ਦੇ ਖ਼ਿਤਾਬ ਵੀ ਦਿੱਤੇ ਗਏ। ਪ੍ਰਿੰਸੀਪਲ ਨੇ ਵਿਦਿਆਰਥੀਆਂ ਨੂੰ ਅਸ਼ੀਰਵਾਦ ਦਿੰਦਿਆਂ ਜ਼ਿੰਦਗੀ ਵਿੱਚ ਮਿਹਨਤ ਕਰਨ ਦੀ ਪ੍ਰੇਰਣਾ ਦਿੱਤੀ ਅਤੇ ਬੋਰਡ ਪ੍ਰੀਖਿਆਵਾਂ ਲਈ ਸ਼ੁਭਕਾਮਨਾਵਾਂ ਦਿੱਤੀਆਂ।

ਸਕੂਲ ਵਿਖੇ ਬਾਰ੍ਹਵੀਂ ਜਮਾਤ ਦੇ ਵਿਦਿਆਰਥੀਆਂ ਨੂੰ ਵਿਦਾਇਗੀ ਪਾਰਟੀ ਦਿੱਤੀ ਗਈ। ਇਸ ਮੌਕੇ ਗਿਆਰ੍ਹਵੀਂ ਜਮਾਤ ਦੇ ਵਿਦਿਆਰਥੀਆਂ ਨੇ ਰੰਗਾਰੰਗ ਪ੍ਰੋਗਰਾਮ ਪੇਸ਼ ਕੀਤਾ। ਮਿਸਟਰ ਅਤੇ ਮਿਸ ਫੇਅਰਵੈੱਲ ਦੇ ਖ਼ਿਤਾਬ ਵੀ ਦਿੱਤੇ ਗਏ। ਪ੍ਰਿੰਸੀਪਲ ਨੇ ਵਿਦਿਆਰਥੀਆਂ ਨੂੰ ਅਸ਼ੀਰਵਾਦ ਦਿੰਦਿਆਂ ਜ਼ਿੰਦਗੀ ਵਿੱਚ ਮਿਹਨਤ ਕਰਨ ਦੀ ਪ੍ਰੇਰਣਾ ਦਿੱਤੀ ਅਤੇ ਬੋਰਡ ਪ੍ਰੀਖਿਆਵਾਂ ਲਈ ਸ਼ੁਭਕਾਮਨਾਵਾਂ ਦਿੱਤੀਆਂ।

ਸ੍ਰੀ ਨੰਗਲੀ ਅਕੈਡਮਿਕਸ ਪਬਲਿਕ ਸਕੂਲ ਗੁਰਦਾਸਪੁਰ 'ਚ ਮਾਤਾ-ਪਿਤਾ ਪੂਜਨ ਸਮਾਰੋਹ ਸ਼ਰਧਾ ਨਾਲ ਮਨਾਇਆ

ਗੁਰਦਾਸਪੁਰ, 13 ਫਰਵਰੀ (ਤਰਸੇਮ)–

ਸਕੂਲ ਵਿਖੇ ਮਾਤਾ-ਪਿਤਾ ਪੂਜਨ ਦਿਵਸ ਬੜੀ ਸ਼ਰਧਾ ਅਤੇ ਉਤਸ਼ਾਹ ਨਾਲ ਮਨਾਇਆ ਗਿਆ। ਬੱਚਿਆਂ ਨੇ ਆਪਣੇ ਮਾਪਿਆਂ ਦੇ ਚਰਨ ਧੋ ਕੇ ਤਿਲਕ ਲਗਾਇਆ ਅਤੇ ਅਸ਼ੀਰਵਾਦ ਲਿਆ। ਪ੍ਰਬੰਧਕਾਂ ਨੇ ਕਿਹਾ ਕਿ ਅਜਿਹੇ ਸਮਾਗਮ ਬੱਚਿਆਂ ਵਿੱਚ ਸੰਸਕਾਰ ਅਤੇ ਭਾਰਤੀ ਸੱਭਿਆਚਾਰ ਪ੍ਰਤੀ ਸਤਿਕਾਰ ਪੈਦਾ ਕਰਦੇ ਹਨ। ਮਾਪਿਆਂ ਨੇ ਵੀ ਸਕੂਲ ਦੇ ਇਸ ਉਪਰਾਲੇ ਦੀ ਸ਼ਲਾਘਾ ਕੀਤੀ।

ਮਾਤਾ-ਪਿਤਾ ਪੂਜਨ ਸਮਾਰੋਹ ਦੌਰਾਨ ਬੱਚੇ ਆਪਣੇ ਮਾਪਿਆਂ ਨਾਲ।
PT	ਪੰਜਾਬ ਟਾਇਮਜ਼	ਖ਼ਬਰ

ਸਕੂਲ ਵਿਖੇ ਮਾਤਾ-ਪਿਤਾ ਪੂਜਨ ਦਿਵਸ ਬੜੀ ਸ਼ਰਧਾ ਅਤੇ ਉਤਸ਼ਾਹ ਨਾਲ ਮਨਾਇਆ ਗਿਆ। ਬੱਚਿਆਂ ਨੇ ਆਪਣੇ ਮਾਪਿਆਂ ਦੇ ਚਰਨ ਧੋ ਕੇ ਤਿਲਕ ਲਗਾਇਆ ਅਤੇ ਅਸ਼ੀਰਵਾਦ ਲਿਆ। ਪ੍ਰਬੰਧਕਾਂ ਨੇ ਕਿਹਾ ਕਿ ਅਜਿਹੇ ਸਮਾਗਮ ਬੱਚਿਆਂ ਵਿੱਚ ਸੰਸਕਾਰ ਅਤੇ ਭਾਰਤੀ ਸੱਭਿਆਚਾਰ ਪ੍ਰਤੀ ਸਤਿਕਾਰ ਪੈਦਾ ਕਰਦੇ ਹਨ। ਮਾਪਿਆਂ ਨੇ ਵੀ ਸਕੂਲ ਦੇ ਇਸ ਉਪਰਾਲੇ ਦੀ ਸ਼ਲਾਘਾ ਕੀਤੀ।

ਐਚ.ਐਸ.ਕਾਨਵੈਂਟ ਸਕੂਲ 'ਚ 11ਵੀਂ ਜਮਾਤ ਦੇ ਵਿਦਿਆਰਥੀਆਂ ਵੱਲੋਂ 12ਵੀਂ ਵਾਲੇ ਵਿਦਿਆਰਥੀਆਂ ਨੂੰ ਵਿਦਾਇਗੀ ਪਾਰਟੀ
ਵਿਦਾਇਗੀ ਪਾਰਟੀ ਮੌਕੇ ਸੱਭਿਆਚਾਰਕ ਪੇਸ਼ਕਾਰੀ ਕਰਦੇ ਵਿਦਿਆਰਥੀ।
PT	ਪੰਜਾਬ ਟਾਇਮਜ਼	ਖ਼ਬਰ

ਪਠਾਨਕੋਟ, 13 ਫਰਵਰੀ (ਅਮਰ)–

ਸਕੂਲ ਵਿੱਚ 11ਵੀਂ ਜਮਾਤ ਦੇ ਵਿਦਿਆਰਥੀਆਂ ਵੱਲੋਂ 12ਵੀਂ ਜਮਾਤ ਦੇ ਵਿਦਿਆਰਥੀਆਂ ਨੂੰ ਸ਼ਾਨਦਾਰ ਵਿਦਾਇਗੀ ਪਾਰਟੀ ਦਿੱਤੀ ਗਈ। ਇਸ ਮੌਕੇ ਗੀਤ, ਭੰਗੜਾ ਅਤੇ ਗਿੱਧੇ ਦੀਆਂ ਪੇਸ਼ਕਾਰੀਆਂ ਨੇ ਸਭ ਦਾ ਮਨ ਮੋਹ ਲਿਆ। ਸਕੂਲ ਮੁਖੀ ਨੇ ਵਿਦਿਆਰਥੀਆਂ ਨੂੰ ਭਵਿੱਖ ਲਈ ਸ਼ੁਭਕਾਮਨਾਵਾਂ ਦਿੱਤੀਆਂ ਅਤੇ ਮਿਹਨਤ ਨਾਲ ਪ੍ਰੀਖਿਆ ਦੇਣ ਲਈ ਪ੍ਰੇਰਿਤ ਕੀਤਾ।

ਇੱਕ ਨੂਰ ਸਵੈ ਸੇਵੀ ਸਭਾ ਪਠਾਨਵਾਂ ਵੱਲੋਂ ਐਮਾਂ ਜੱਟਾਂ ਵਿਖੇ ਸਗਾਇਤਾ ਵੰਡ ਸਮਾਗਮ ਸ਼ਾਨੋ-ਸ਼ੌਕਤ ਨਾਲ ਸੰਪੰਨ
PT	ਪੰਜਾਬ ਟਾਇਮਜ਼	ਖ਼ਬਰ

ਪਠਾਨਕੋਟ, 13 ਫਰਵਰੀ (ਪੰਜਾਬ ਟਾਇਮਜ਼)–

ਸਭਾ ਵੱਲੋਂ ਲੋੜਵੰਦ ਪਰਿਵਾਰਾਂ ਨੂੰ ਰਾਸ਼ਨ, ਕੰਬਲ ਅਤੇ ਹੋਰ ਜ਼ਰੂਰੀ ਸਮਾਨ ਵੰਡਿਆ ਗਿਆ। ਸਮਾਗਮ ਦੀ ਸ਼ੁਰੂਆਤ ਅਰਦਾਸ ਨਾਲ ਕੀਤੀ ਗਈ ਅਤੇ ਬਾਅਦ ਵਿੱਚ ਮੁੱਖ ਮਹਿਮਾਨ ਨੇ ਰਿਬਨ ਕੱਟ ਕੇ ਸਮਾਗਮ ਦਾ ਉਦਘਾਟਨ ਕੀਤਾ। ਸਭਾ ਦੇ ਪ੍ਰਧਾਨ ਨੇ ਦੱਸਿਆ ਕਿ ਸੰਸਥਾ ਪਿਛਲੇ ਕਈ ਸਾਲਾਂ ਤੋਂ ਸਮਾਜ ਸੇਵਾ ਦੇ ਕੰਮਾਂ ਵਿੱਚ ਲੱਗੀ ਹੋਈ ਹੈ ਅਤੇ ਅੱਗੇ ਵੀ ਇਹ ਸੇਵਾ ਜਾਰੀ ਰਹੇਗੀ। ਇਸ ਮੌਕੇ ਵੱਡੀ ਗਿਣਤੀ ਵਿੱਚ ਇਲਾਕਾ ਨਿਵਾਸੀ ਹਾਜ਼ਰ ਸਨ।

ਸਮਾਗਮ ਦਾ ਉਦਘਾਟਨ ਰਿਬਨ ਕੱਟ ਕੇ ਕਰਦੇ ਹੋਏ ਮੁੱਖ ਮਹਿਮਾਨ ਤੇ ਸਭਾ ਦੇ ਅਹੁਦੇਦਾਰ।

ਸਭਾ ਵੱਲੋਂ ਲੋੜਵੰਦ ਪਰਿਵਾਰਾਂ ਨੂੰ ਰਾਸ਼ਨ, ਕੰਬਲ ਅਤੇ ਹੋਰ ਜ਼ਰੂਰੀ ਸਮਾਨ ਵੰਡਿਆ ਗਿਆ। ਸਮਾਗਮ ਦੀ ਸ਼ੁਰੂਆਤ ਅਰਦਾਸ ਨਾਲ ਕੀਤੀ ਗਈ ਅਤੇ ਬਾਅਦ ਵਿੱਚ ਮੁੱਖ ਮਹਿਮਾਨ ਨੇ ਰਿਬਨ ਕੱਟ ਕੇ ਸਮਾਗਮ ਦਾ ਉਦਘਾਟਨ ਕੀਤਾ। ਸਭਾ ਦੇ ਪ੍ਰਧਾਨ ਨੇ ਦੱਸਿਆ ਕਿ ਸੰਸਥਾ ਪਿਛਲੇ ਕਈ ਸਾਲਾਂ ਤੋਂ ਸਮਾਜ ਸੇਵਾ ਦੇ ਕੰਮਾਂ ਵਿੱਚ ਲੱਗੀ ਹੋਈ ਹੈ ਅਤੇ ਅੱਗੇ ਵੀ ਇਹ ਸੇਵਾ ਜਾਰੀ ਰਹੇਗੀ। ਇਸ ਮੌਕੇ ਵੱਡੀ ਗਿਣਤੀ ਵਿੱਚ ਇਲਾਕਾ ਨਿਵਾਸੀ ਹਾਜ਼ਰ ਸਨ।

C K	C K
